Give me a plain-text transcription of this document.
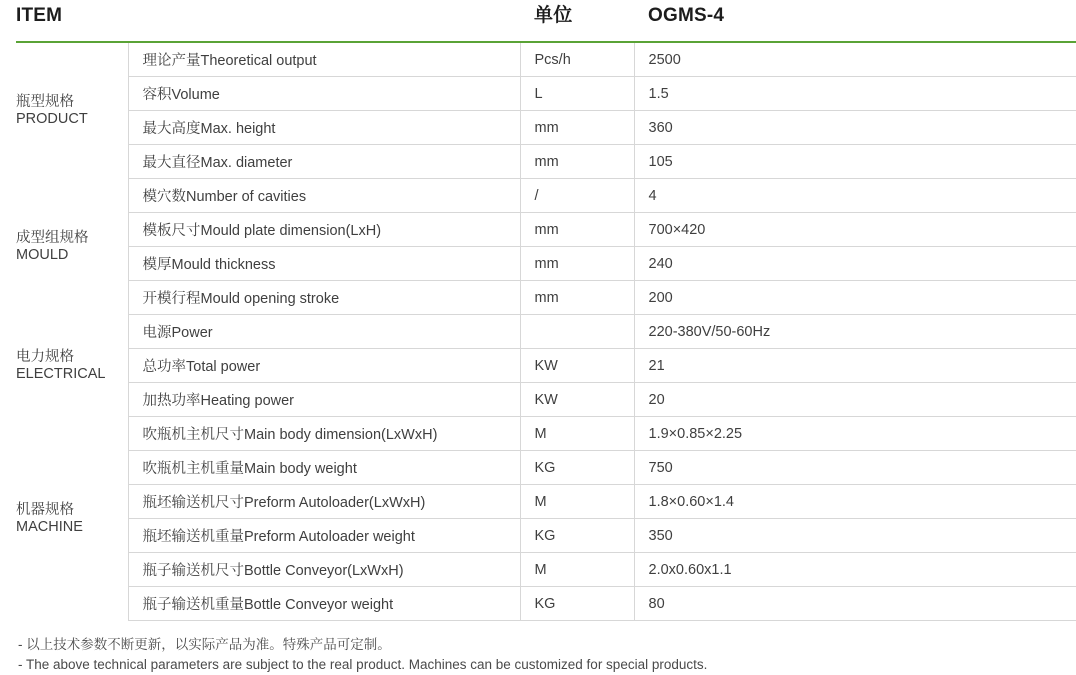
ITEM		单位	OGMS-4

瓶型规格
PRODUCT	理论产量Theoretical output	Pcs/h	2500
	容积Volume	L	1.5
	最大高度Max. height	mm	360
	最大直径Max. diameter	mm	105

成型组规格
MOULD	模穴数Number of cavities	/	4
	模板尺寸Mould plate dimension(LxH)	mm	700×420
	模厚Mould thickness	mm	240
	开模行程Mould opening stroke	mm	200

电力规格
ELECTRICAL	电源Power		220-380V/50-60Hz
	总功率Total power	KW	21
	加热功率Heating power	KW	20

机器规格
MACHINE	吹瓶机主机尺寸Main body dimension(LxWxH)	M	1.9×0.85×2.25
	吹瓶机主机重量Main body weight	KG	750
	瓶坯输送机尺寸Preform Autoloader(LxWxH)	M	1.8×0.60×1.4
	瓶坯输送机重量Preform Autoloader weight	KG	350
	瓶子输送机尺寸Bottle Conveyor(LxWxH)	M	2.0x0.60x1.1
	瓶子输送机重量Bottle Conveyor weight	KG	80
- 以上技术参数不断更新，以实际产品为准。特殊产品可定制。
- The above technical parameters are subject to the real product. Machines can be customized for special products.
